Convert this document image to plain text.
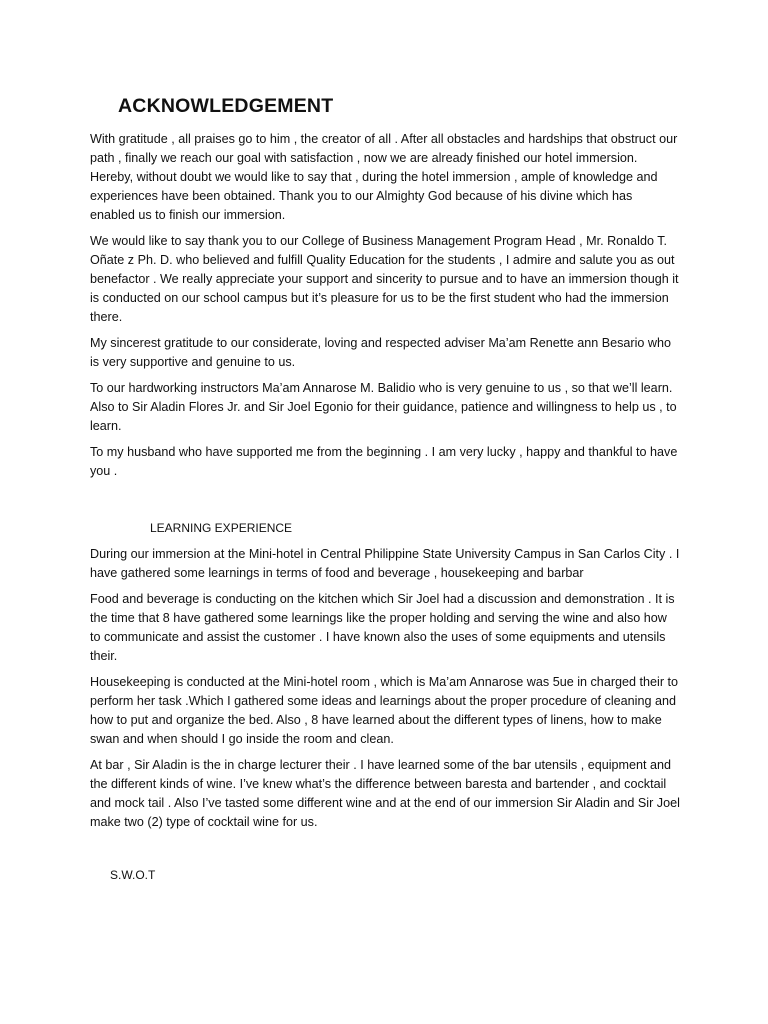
ACKNOWLEDGEMENT

With gratitude , all praises go to him , the creator of all . After all obstacles and hardships that obstruct our path , finally we reach our goal with satisfaction , now we are already finished our hotel immersion. Hereby, without doubt we would like to say that , during the hotel immersion , ample of knowledge and experiences have been obtained. Thank you to our Almighty God because of his divine which has enabled us to finish our immersion.

We would like to say thank you to our College of Business Management Program Head , Mr. Ronaldo T. Oñate z Ph. D. who believed and fulfill Quality Education for the students , I admire and salute you as out benefactor . We really appreciate your support and sincerity to pursue and to have an immersion though it is conducted on our school campus but it’s pleasure for us to be the first student who had the immersion there.

My sincerest gratitude to our considerate, loving and respected adviser Ma’am Renette ann Besario who is very supportive and genuine to us.

To our hardworking instructors Ma’am Annarose M. Balidio who is very genuine to us , so that we’ll learn. Also to Sir Aladin Flores Jr. and Sir Joel Egonio for their guidance, patience and willingness to help us , to learn.

To my husband who have supported me from the beginning . I am very lucky , happy and thankful to have you .

LEARNING EXPERIENCE

During our immersion at the Mini-hotel in Central Philippine State University Campus in San Carlos City . I have gathered some learnings in terms of food and beverage , housekeeping and barbar

Food and beverage is conducting on the kitchen which Sir Joel had a discussion and demonstration . It is the time that 8 have gathered some learnings like the proper holding and serving the wine and also how to communicate and assist the customer . I have known also the uses of some equipments and utensils their.

Housekeeping is conducted at the Mini-hotel room , which is Ma’am Annarose was 5ue in charged their to perform her task .Which I gathered some ideas and learnings about the proper procedure of cleaning and how to put and organize the bed. Also , 8 have learned about the different types of linens, how to make swan and when should I go inside the room and clean.

At bar , Sir Aladin is the in charge lecturer their . I have learned some of the bar utensils , equipment and the different kinds of wine. I’ve knew what’s the difference between baresta and bartender , and cocktail and mock tail . Also I’ve tasted some different wine and at the end of our immersion Sir Aladin and Sir Joel make two (2) type of cocktail wine for us.

S.W.O.T
